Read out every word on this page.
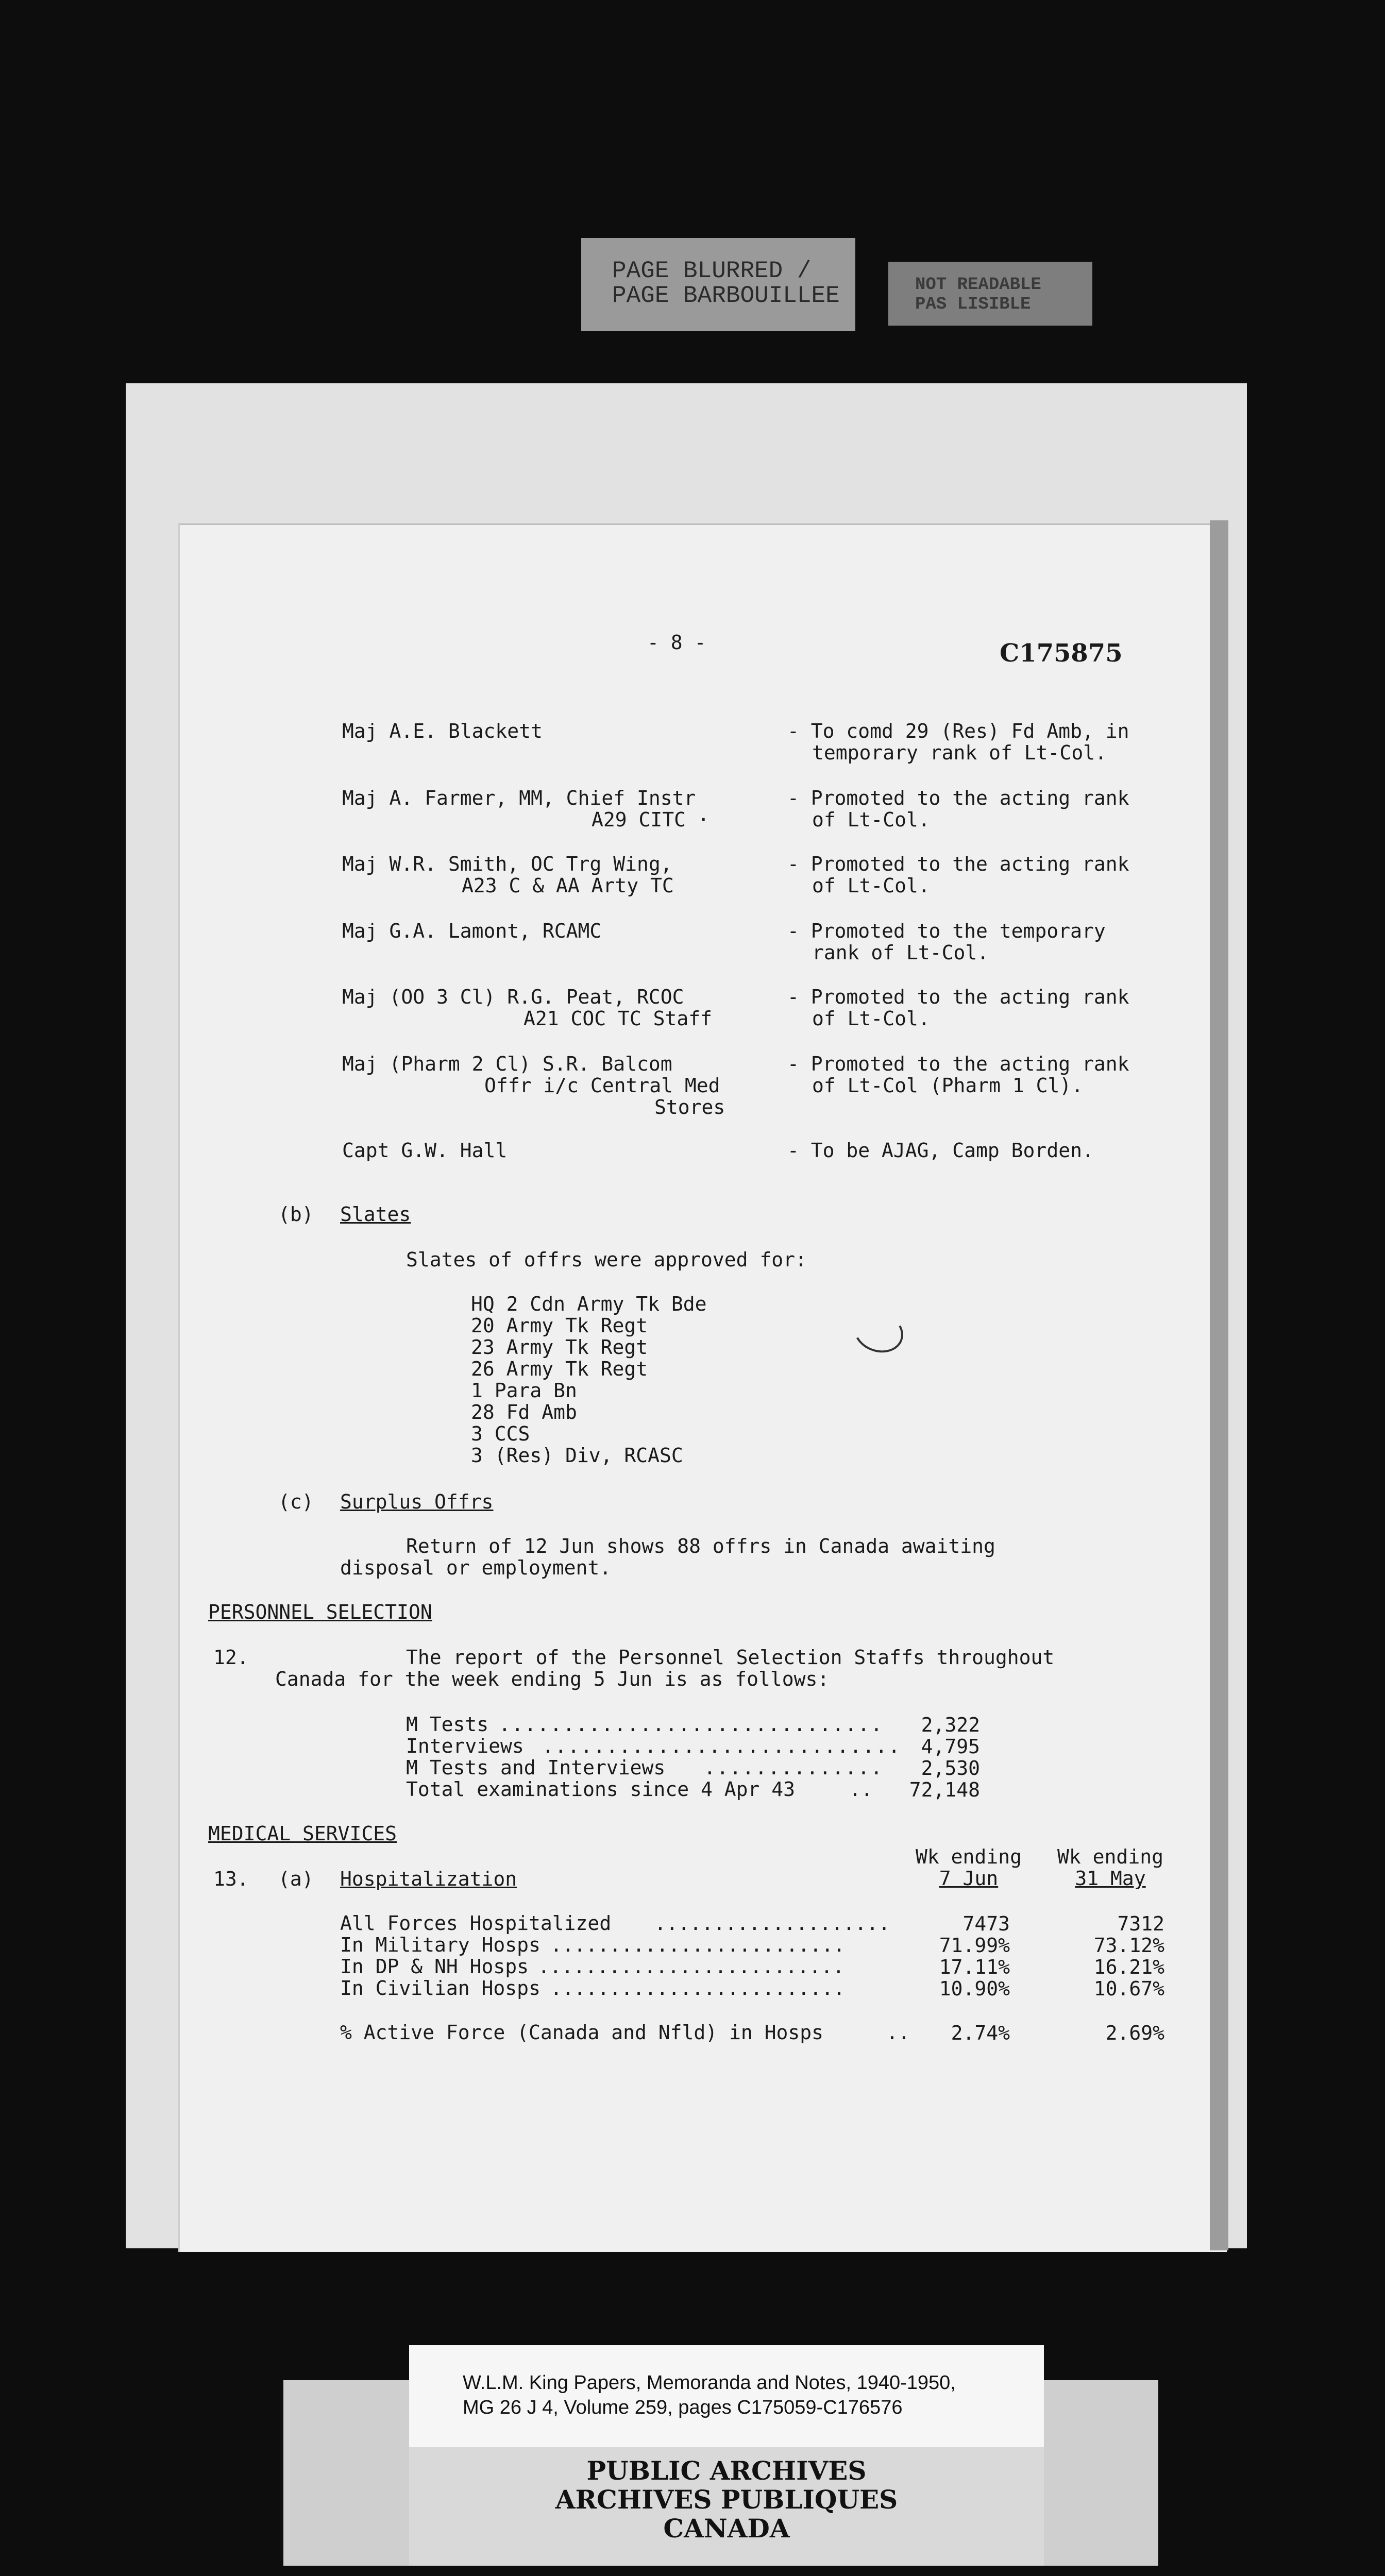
PAGE BLURRED /
PAGE BARBOUILLEE	NOT READABLE
PAS LISIBLE
- 8 -	C175875
Maj A.E. Blackett	- To comd 29 (Res) Fd Amb, in
temporary rank of Lt-Col.
Maj A. Farmer, MM, Chief Instr
A29 CITC ·
- Promoted to the acting rank
of Lt-Col.
Maj W.R. Smith, OC Trg Wing,
A23 C & AA Arty TC
- Promoted to the acting rank
of Lt-Col.
Maj G.A. Lamont, RCAMC	- Promoted to the temporary
rank of Lt-Col.
Maj (OO 3 Cl) R.G. Peat, RCOC
A21 COC TC Staff
- Promoted to the acting rank
of Lt-Col.
Maj (Pharm 2 Cl) S.R. Balcom
Offr i/c Central Med
Stores
- Promoted to the acting rank
of Lt-Col (Pharm 1 Cl).
Capt G.W. Hall	- To be AJAG, Camp Borden.
(b) Slates
Slates of offrs were approved for:
HQ 2 Cdn Army Tk Bde
20 Army Tk Regt
23 Army Tk Regt
26 Army Tk Regt
1 Para Bn
28 Fd Amb
3 CCS
3 (Res) Div, RCASC
(c) Surplus Offrs
Return of 12 Jun shows 88 offrs in Canada awaiting
disposal or employment.
PERSONNEL SELECTION
12.	The report of the Personnel Selection Staffs throughout
Canada for the week ending 5 Jun is as follows:
M Tests ..............................	2,322
Interviews ............................	4,795
M Tests and Interviews ..............	2,530
Total examinations since 4 Apr 43	..	72,148
MEDICAL SERVICES
13. (a) Hospitalization
Wk ending
7 Jun
Wk ending
31 May
All Forces Hospitalized ....................	7473	7312
In Military Hosps .........................	71.99%	73.12%
In DP & NH Hosps ..........................	17.11%	16.21%
In Civilian Hosps .........................	10.90%	10.67%
% Active Force (Canada and Nfld) in Hosps	..	2.74%	2.69%
PUBLIC ARCHIVES
ARCHIVES PUBLIQUES
CANADA
W.L.M. King Papers, Memoranda and Notes, 1940-1950,
MG 26 J 4, Volume 259, pages C175059-C176576
